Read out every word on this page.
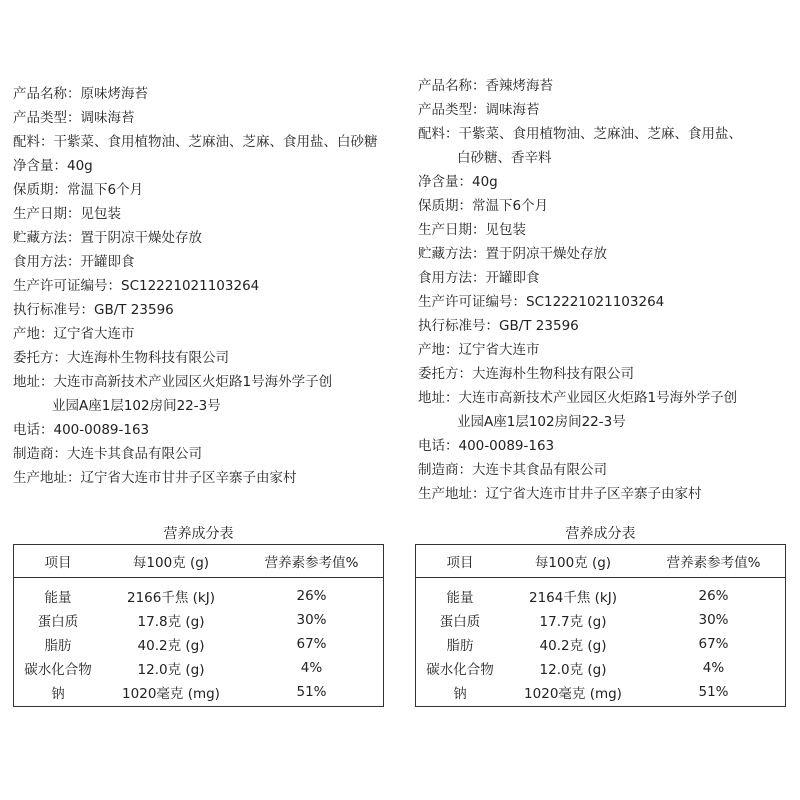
产品名称：原味烤海苔
产品类型：调味海苔
配料：干紫菜、食用植物油、芝麻油、芝麻、食用盐、白砂糖
净含量：40g
保质期：常温下6个月
生产日期：见包装
贮藏方法：置于阴凉干燥处存放
食用方法：开罐即食
生产许可证编号：SC12221021103264
执行标准号：GB/T 23596
产地：辽宁省大连市
委托方：大连海朴生物科技有限公司
地址：大连市高新技术产业园区火炬路1号海外学子创
业园A座1层102房间22-3号
电话：400-0089-163
制造商：大连卡其食品有限公司
生产地址：辽宁省大连市甘井子区辛寨子由家村
产品名称：香辣烤海苔
产品类型：调味海苔
配料：干紫菜、食用植物油、芝麻油、芝麻、食用盐、
白砂糖、香辛料
净含量：40g
保质期：常温下6个月
生产日期：见包装
贮藏方法：置于阴凉干燥处存放
食用方法：开罐即食
生产许可证编号：SC12221021103264
执行标准号：GB/T 23596
产地：辽宁省大连市
委托方：大连海朴生物科技有限公司
地址：大连市高新技术产业园区火炬路1号海外学子创
业园A座1层102房间22-3号
电话：400-0089-163
制造商：大连卡其食品有限公司
生产地址：辽宁省大连市甘井子区辛寨子由家村
营养成分表	营养成分表
项目	每100克 (g)	营养素参考值%
能量	2166千焦 (kJ)	26%
蛋白质	17.8克 (g)	30%
脂肪	40.2克 (g)	67%
碳水化合物	12.0克 (g)	4%
钠	1020毫克 (mg)	51%
项目	每100克 (g)	营养素参考值%
能量	2164千焦 (kJ)	26%
蛋白质	17.7克 (g)	30%
脂肪	40.2克 (g)	67%
碳水化合物	12.0克 (g)	4%
钠	1020毫克 (mg)	51%
